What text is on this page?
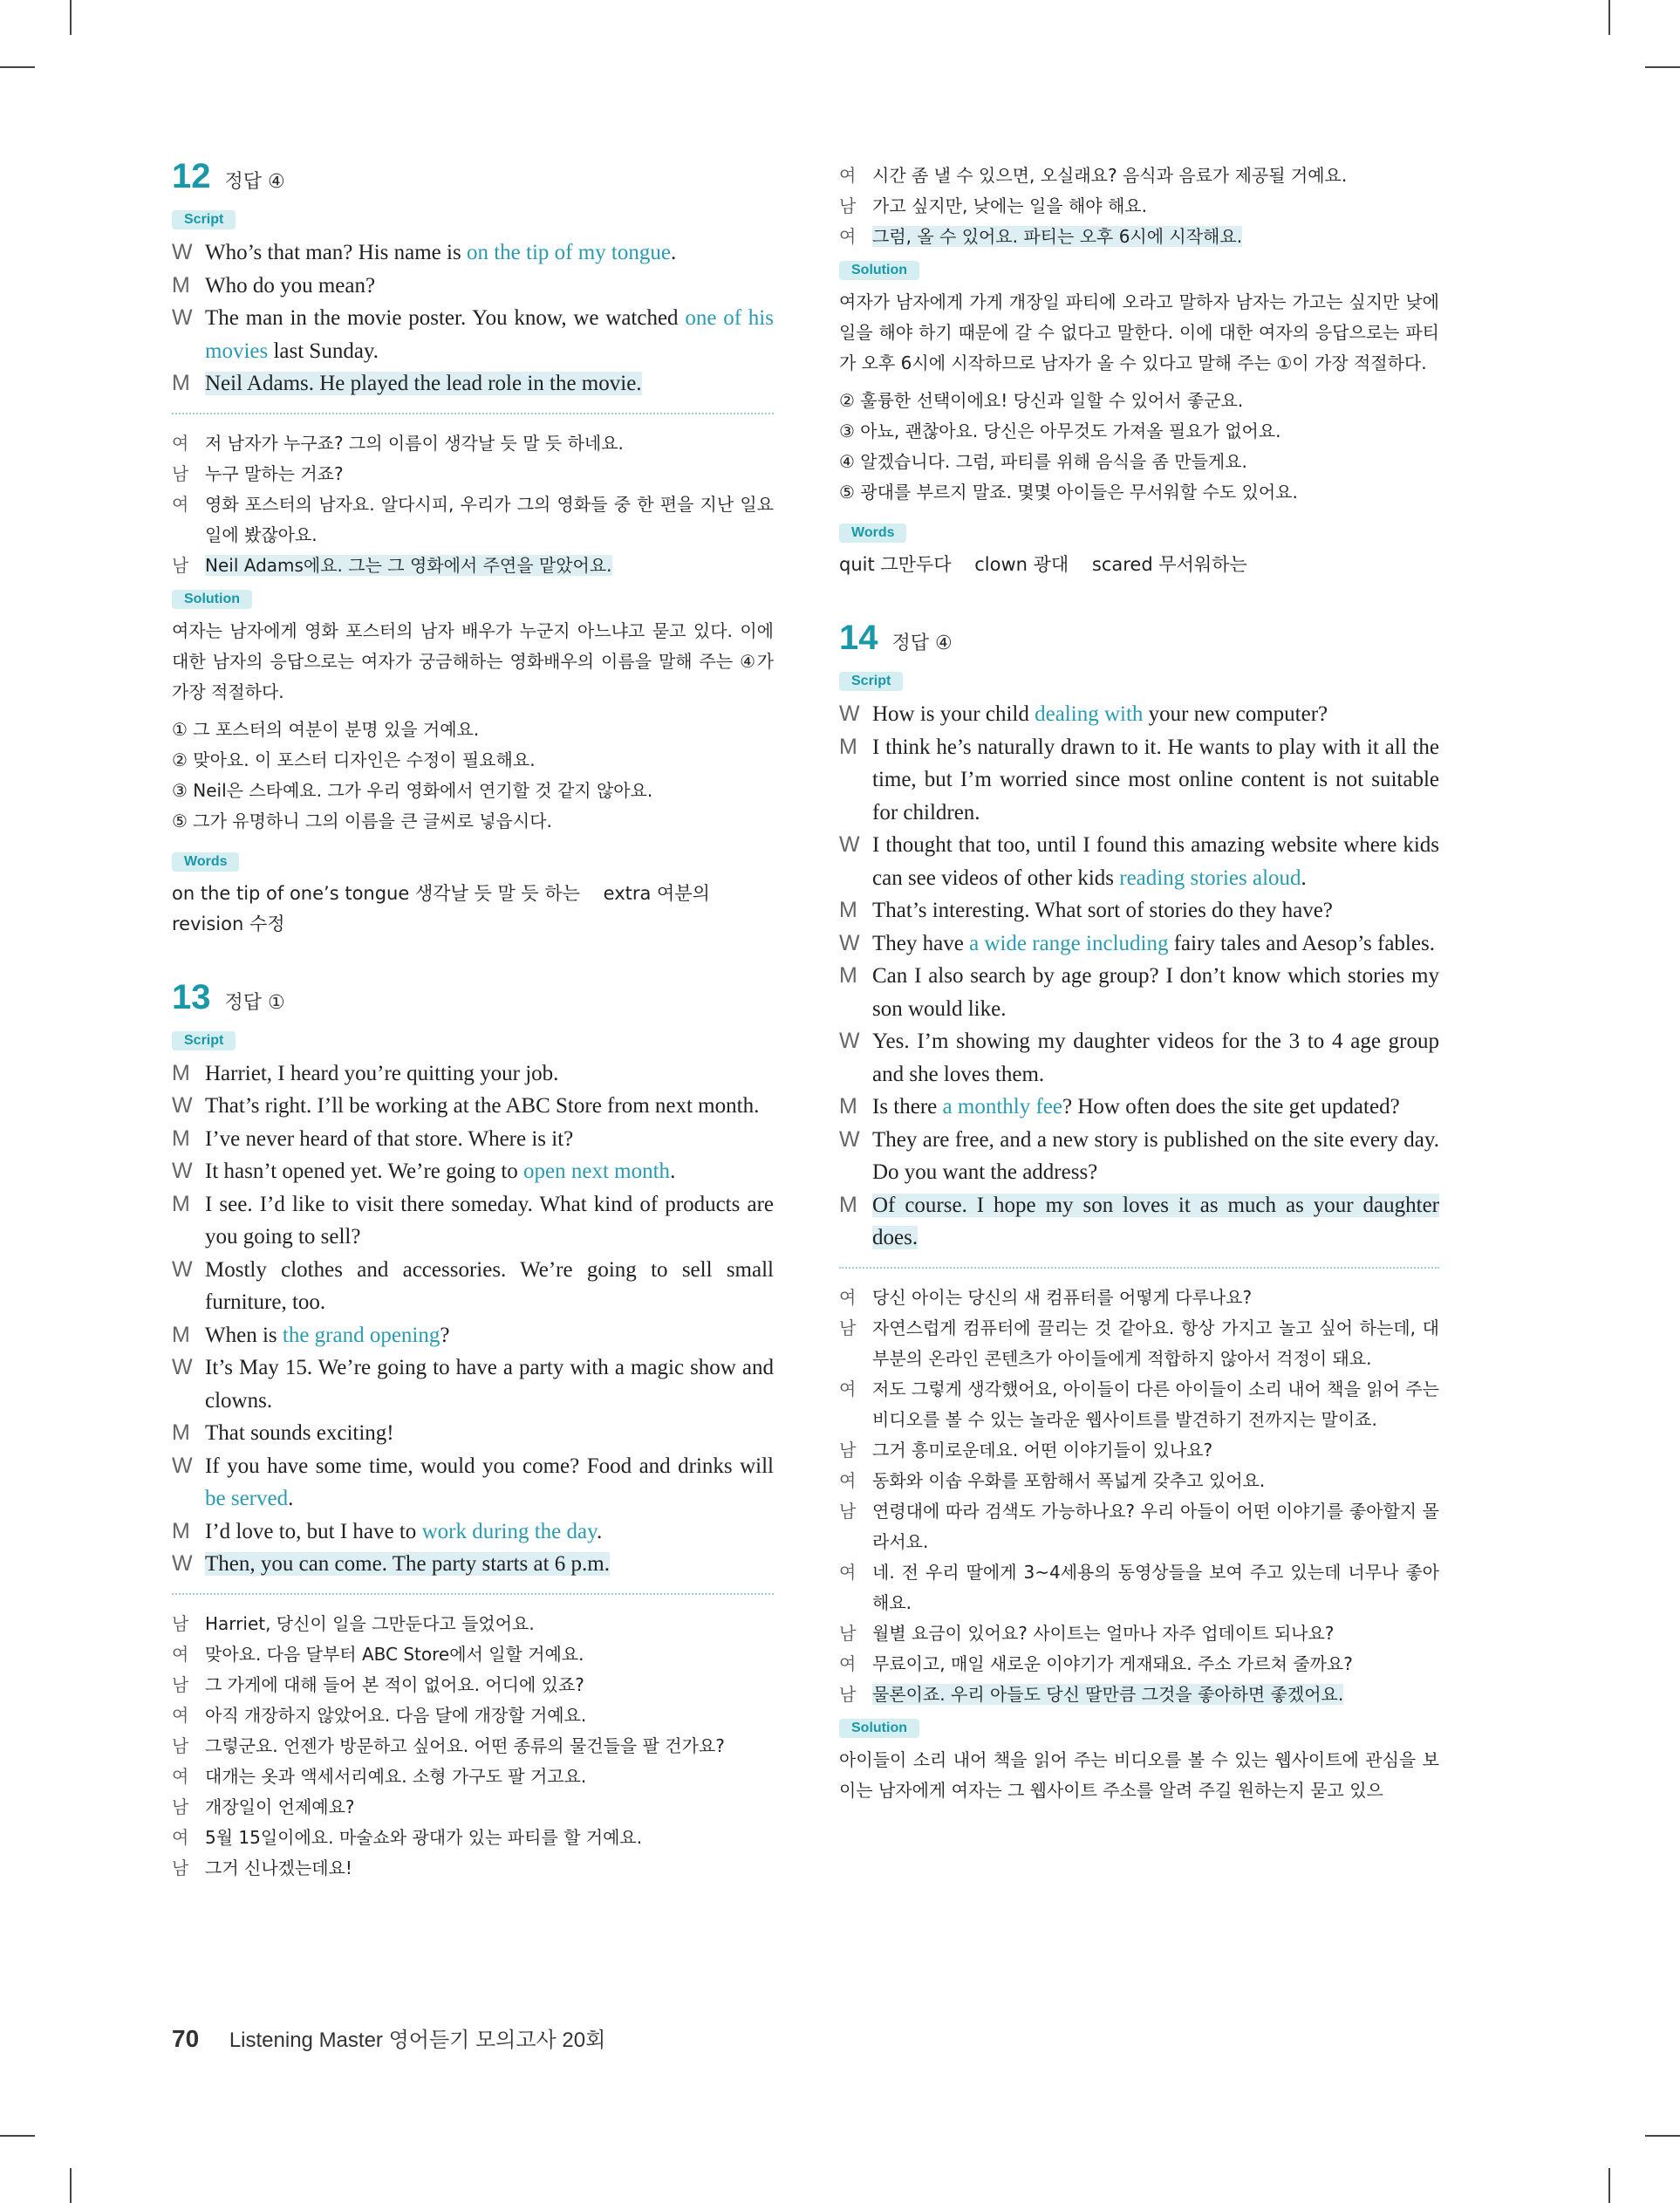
12 정답 ④
Script
W Who’s that man? His name is on the tip of my tongue.
M Who do you mean?
W The man in the movie poster. You know, we watched one of his movies last Sunday.
M Neil Adams. He played the lead role in the movie.
여 저 남자가 누구죠? 그의 이름이 생각날 듯 말 듯 하네요.
남 누구 말하는 거죠?
여 영화 포스터의 남자요. 알다시피, 우리가 그의 영화들 중 한 편을 지난 일요일에 봤잖아요.
남 Neil Adams에요. 그는 그 영화에서 주연을 맡았어요.
Solution
여자는 남자에게 영화 포스터의 남자 배우가 누군지 아느냐고 묻고 있다. 이에 대한 남자의 응답으로는 여자가 궁금해하는 영화배우의 이름을 말해 주는 ④가 가장 적절하다.
① 그 포스터의 여분이 분명 있을 거예요.
② 맞아요. 이 포스터 디자인은 수정이 필요해요.
③ Neil은 스타예요. 그가 우리 영화에서 연기할 것 같지 않아요.
⑤ 그가 유명하니 그의 이름을 큰 글씨로 넣읍시다.
Words
on the tip of one’s tongue 생각날 듯 말 듯 하는    extra 여분의    revision 수정
13 정답 ①
Script
M Harriet, I heard you’re quitting your job.
W That’s right. I’ll be working at the ABC Store from next month.
M I’ve never heard of that store. Where is it?
W It hasn’t opened yet. We’re going to open next month.
M I see. I’d like to visit there someday. What kind of products are you going to sell?
W Mostly clothes and accessories. We’re going to sell small furniture, too.
M When is the grand opening?
W It’s May 15. We’re going to have a party with a magic show and clowns.
M That sounds exciting!
W If you have some time, would you come? Food and drinks will be served.
M I’d love to, but I have to work during the day.
W Then, you can come. The party starts at 6 p.m.
남 Harriet, 당신이 일을 그만둔다고 들었어요.
여 맞아요. 다음 달부터 ABC Store에서 일할 거예요.
남 그 가게에 대해 들어 본 적이 없어요. 어디에 있죠?
여 아직 개장하지 않았어요. 다음 달에 개장할 거예요.
남 그렇군요. 언젠가 방문하고 싶어요. 어떤 종류의 물건들을 팔 건가요?
여 대개는 옷과 액세서리예요. 소형 가구도 팔 거고요.
남 개장일이 언제예요?
여 5월 15일이에요. 마술쇼와 광대가 있는 파티를 할 거예요.
남 그거 신나겠는데요!
여 시간 좀 낼 수 있으면, 오실래요? 음식과 음료가 제공될 거예요.
남 가고 싶지만, 낮에는 일을 해야 해요.
여 그럼, 올 수 있어요. 파티는 오후 6시에 시작해요.
Solution
여자가 남자에게 가게 개장일 파티에 오라고 말하자 남자는 가고는 싶지만 낮에 일을 해야 하기 때문에 갈 수 없다고 말한다. 이에 대한 여자의 응답으로는 파티가 오후 6시에 시작하므로 남자가 올 수 있다고 말해 주는 ①이 가장 적절하다.
② 훌륭한 선택이에요! 당신과 일할 수 있어서 좋군요.
③ 아뇨, 괜찮아요. 당신은 아무것도 가져올 필요가 없어요.
④ 알겠습니다. 그럼, 파티를 위해 음식을 좀 만들게요.
⑤ 광대를 부르지 말죠. 몇몇 아이들은 무서워할 수도 있어요.
Words
quit 그만두다    clown 광대    scared 무서워하는
14 정답 ④
Script
W How is your child dealing with your new computer?
M I think he’s naturally drawn to it. He wants to play with it all the time, but I’m worried since most online content is not suitable for children.
W I thought that too, until I found this amazing website where kids can see videos of other kids reading stories aloud.
M That’s interesting. What sort of stories do they have?
W They have a wide range including fairy tales and Aesop’s fables.
M Can I also search by age group? I don’t know which stories my son would like.
W Yes. I’m showing my daughter videos for the 3 to 4 age group and she loves them.
M Is there a monthly fee? How often does the site get updated?
W They are free, and a new story is published on the site every day. Do you want the address?
M Of course. I hope my son loves it as much as your daughter does.
여 당신 아이는 당신의 새 컴퓨터를 어떻게 다루나요?
남 자연스럽게 컴퓨터에 끌리는 것 같아요. 항상 가지고 놀고 싶어 하는데, 대부분의 온라인 콘텐츠가 아이들에게 적합하지 않아서 걱정이 돼요.
여 저도 그렇게 생각했어요, 아이들이 다른 아이들이 소리 내어 책을 읽어 주는 비디오를 볼 수 있는 놀라운 웹사이트를 발견하기 전까지는 말이죠.
남 그거 흥미로운데요. 어떤 이야기들이 있나요?
여 동화와 이솝 우화를 포함해서 폭넓게 갖추고 있어요.
남 연령대에 따라 검색도 가능하나요? 우리 아들이 어떤 이야기를 좋아할지 몰라서요.
여 네. 전 우리 딸에게 3~4세용의 동영상들을 보여 주고 있는데 너무나 좋아해요.
남 월별 요금이 있어요? 사이트는 얼마나 자주 업데이트 되나요?
여 무료이고, 매일 새로운 이야기가 게재돼요. 주소 가르쳐 줄까요?
남 물론이죠. 우리 아들도 당신 딸만큼 그것을 좋아하면 좋겠어요.
Solution
아이들이 소리 내어 책을 읽어 주는 비디오를 볼 수 있는 웹사이트에 관심을 보이는 남자에게 여자는 그 웹사이트 주소를 알려 주길 원하는지 묻고 있으
70 Listening Master 영어듣기 모의고사 20회
